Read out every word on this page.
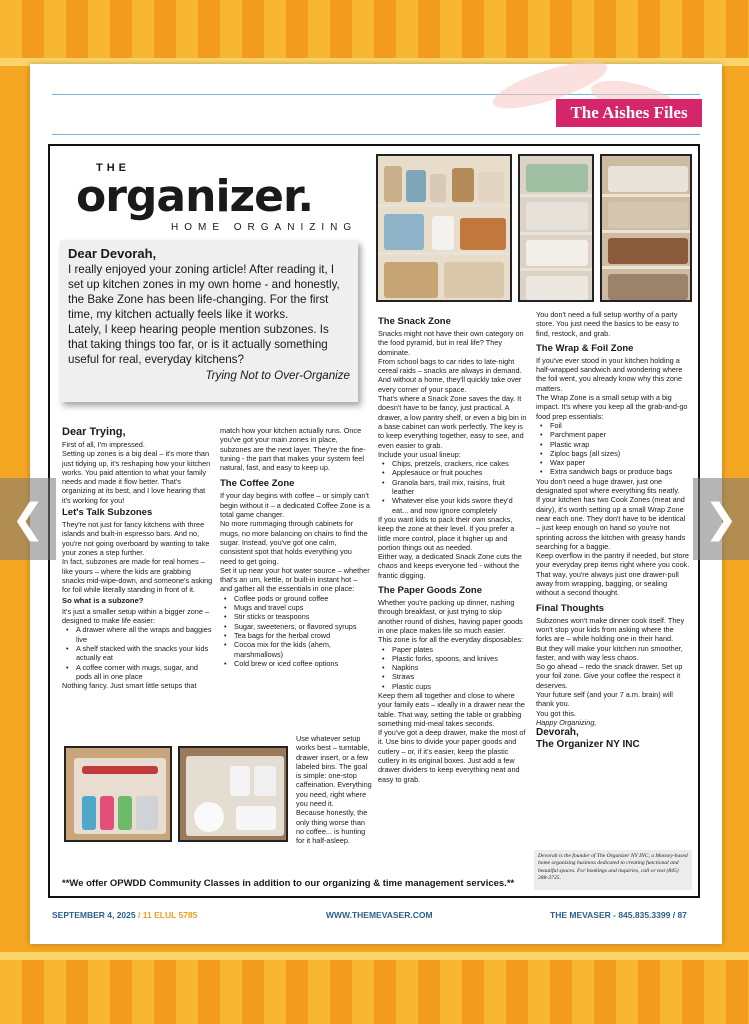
The Aishes Files
THE
organizer.
HOME ORGANIZING
Dear Devorah,

I really enjoyed your zoning article! After reading it, I set up kitchen zones in my own home - and honestly, the Bake Zone has been life-changing. For the first time, my kitchen actually feels like it works.

Lately, I keep hearing people mention subzones. Is that taking things too far, or is it actually something useful for real, everyday kitchens?

Trying Not to Over-Organize
Dear Trying,

First of all, I'm impressed.

Setting up zones is a big deal – it's more than just tidying up, it's reshaping how your kitchen works. You paid attention to what your family needs and made it flow better. That's organizing at its best, and I love hearing that it's working for you!

Let's Talk Subzones

They're not just for fancy kitchens with three islands and built-in espresso bars. And no, you're not going overboard by wanting to take your zones a step further.

In fact, subzones are made for real homes – like yours – where the kids are grabbing snacks mid-wipe-down, and someone's asking for foil while literally standing in front of it.

So what is a subzone?

It's just a smaller setup within a bigger zone – designed to make life easier:

• A drawer where all the wraps and baggies live
• A shelf stacked with the snacks your kids actually eat
• A coffee corner with mugs, sugar, and pods all in one place

Nothing fancy. Just smart little setups that

match how your kitchen actually runs. Once you've got your main zones in place, subzones are the next layer. They're the fine-tuning - the part that makes your system feel natural, fast, and easy to keep up.

The Coffee Zone

If your day begins with coffee – or simply can't begin without it – a dedicated Coffee Zone is a total game changer.

No more rummaging through cabinets for mugs, no more balancing on chairs to find the sugar. Instead, you've got one calm, consistent spot that holds everything you need to get going.

Set it up near your hot water source – whether that's an urn, kettle, or built-in instant hot – and gather all the essentials in one place:

• Coffee pods or ground coffee
• Mugs and travel cups
• Stir sticks or teaspoons
• Sugar, sweeteners, or flavored syrups
• Tea bags for the herbal crowd
• Cocoa mix for the kids (ahem, marshmallows)
• Cold brew or iced coffee options

Use whatever setup works best – turntable, drawer insert, or a few labeled bins. The goal is simple: one-stop caffeination. Everything you need, right where you need it.

Because honestly, the only thing worse than no coffee... is hunting for it half-asleep.

The Snack Zone

Snacks might not have their own category on the food pyramid, but in real life? They dominate.

From school bags to car rides to late-night cereal raids – snacks are always in demand. And without a home, they'll quickly take over every corner of your space.

That's where a Snack Zone saves the day. It doesn't have to be fancy, just practical. A drawer, a low pantry shelf, or even a big bin in a base cabinet can work perfectly. The key is to keep everything together, easy to see, and even easier to grab.

Include your usual lineup:

• Chips, pretzels, crackers, rice cakes
• Applesauce or fruit pouches
• Granola bars, trail mix, raisins, fruit leather
• Whatever else your kids swore they'd eat... and now ignore completely

If you want kids to pack their own snacks, keep the zone at their level. If you prefer a little more control, place it higher up and portion things out as needed.

Either way, a dedicated Snack Zone cuts the chaos and keeps everyone fed - without the frantic digging.

The Paper Goods Zone

Whether you're packing up dinner, rushing through breakfast, or just trying to skip another round of dishes, having paper goods in one place makes life so much easier.

This zone is for all the everyday disposables:

• Paper plates
• Plastic forks, spoons, and knives
• Napkins
• Straws
• Plastic cups

Keep them all together and close to where your family eats – ideally in a drawer near the table. That way, setting the table or grabbing something mid-meal takes seconds.

If you've got a deep drawer, make the most of it. Use bins to divide your paper goods and cutlery – or, if it's easier, keep the plastic cutlery in its original boxes. Just add a few drawer dividers to keep everything neat and easy to grab.

You don't need a full setup worthy of a party store. You just need the basics to be easy to find, restock, and grab.

The Wrap & Foil Zone

If you've ever stood in your kitchen holding a half-wrapped sandwich and wondering where the foil went, you already know why this zone matters.

The Wrap Zone is a small setup with a big impact. It's where you keep all the grab-and-go food prep essentials:

• Foil
• Parchment paper
• Plastic wrap
• Ziploc bags (all sizes)
• Wax paper
• Extra sandwich bags or produce bags

You don't need a huge drawer, just one designated spot where everything fits neatly.

If your kitchen has two Cook Zones (meat and dairy), it's worth setting up a small Wrap Zone near each one. They don't have to be identical – just keep enough on hand so you're not sprinting across the kitchen with greasy hands searching for a baggie.

Keep overflow in the pantry if needed, but store your everyday prep items right where you cook. That way, you're always just one drawer-pull away from wrapping, bagging, or sealing without a second thought.

Final Thoughts

Subzones won't make dinner cook itself. They won't stop your kids from asking where the forks are – while holding one in their hand.

But they will make your kitchen run smoother, faster, and with way less chaos.

So go ahead – redo the snack drawer. Set up your foil zone. Give your coffee the respect it deserves.

Your future self (and your 7 a.m. brain) will thank you.

You got this.

Happy Organizing,

Devorah,

The Organizer NY INC

Devorah is the founder of The Organizer NY INC, a Monsey-based home organizing business dedicated to creating functional and beautiful spaces. For bookings and inquiries, call or text (845) 288-3725.
**We offer OPWDD Community Classes in addition to our organizing & time management services.**
SEPTEMBER 4, 2025 / 11 ELUL 5785	WWW.THEMEVASER.COM	THE MEVASER - 845.835.3399 / 87
❮	❯
